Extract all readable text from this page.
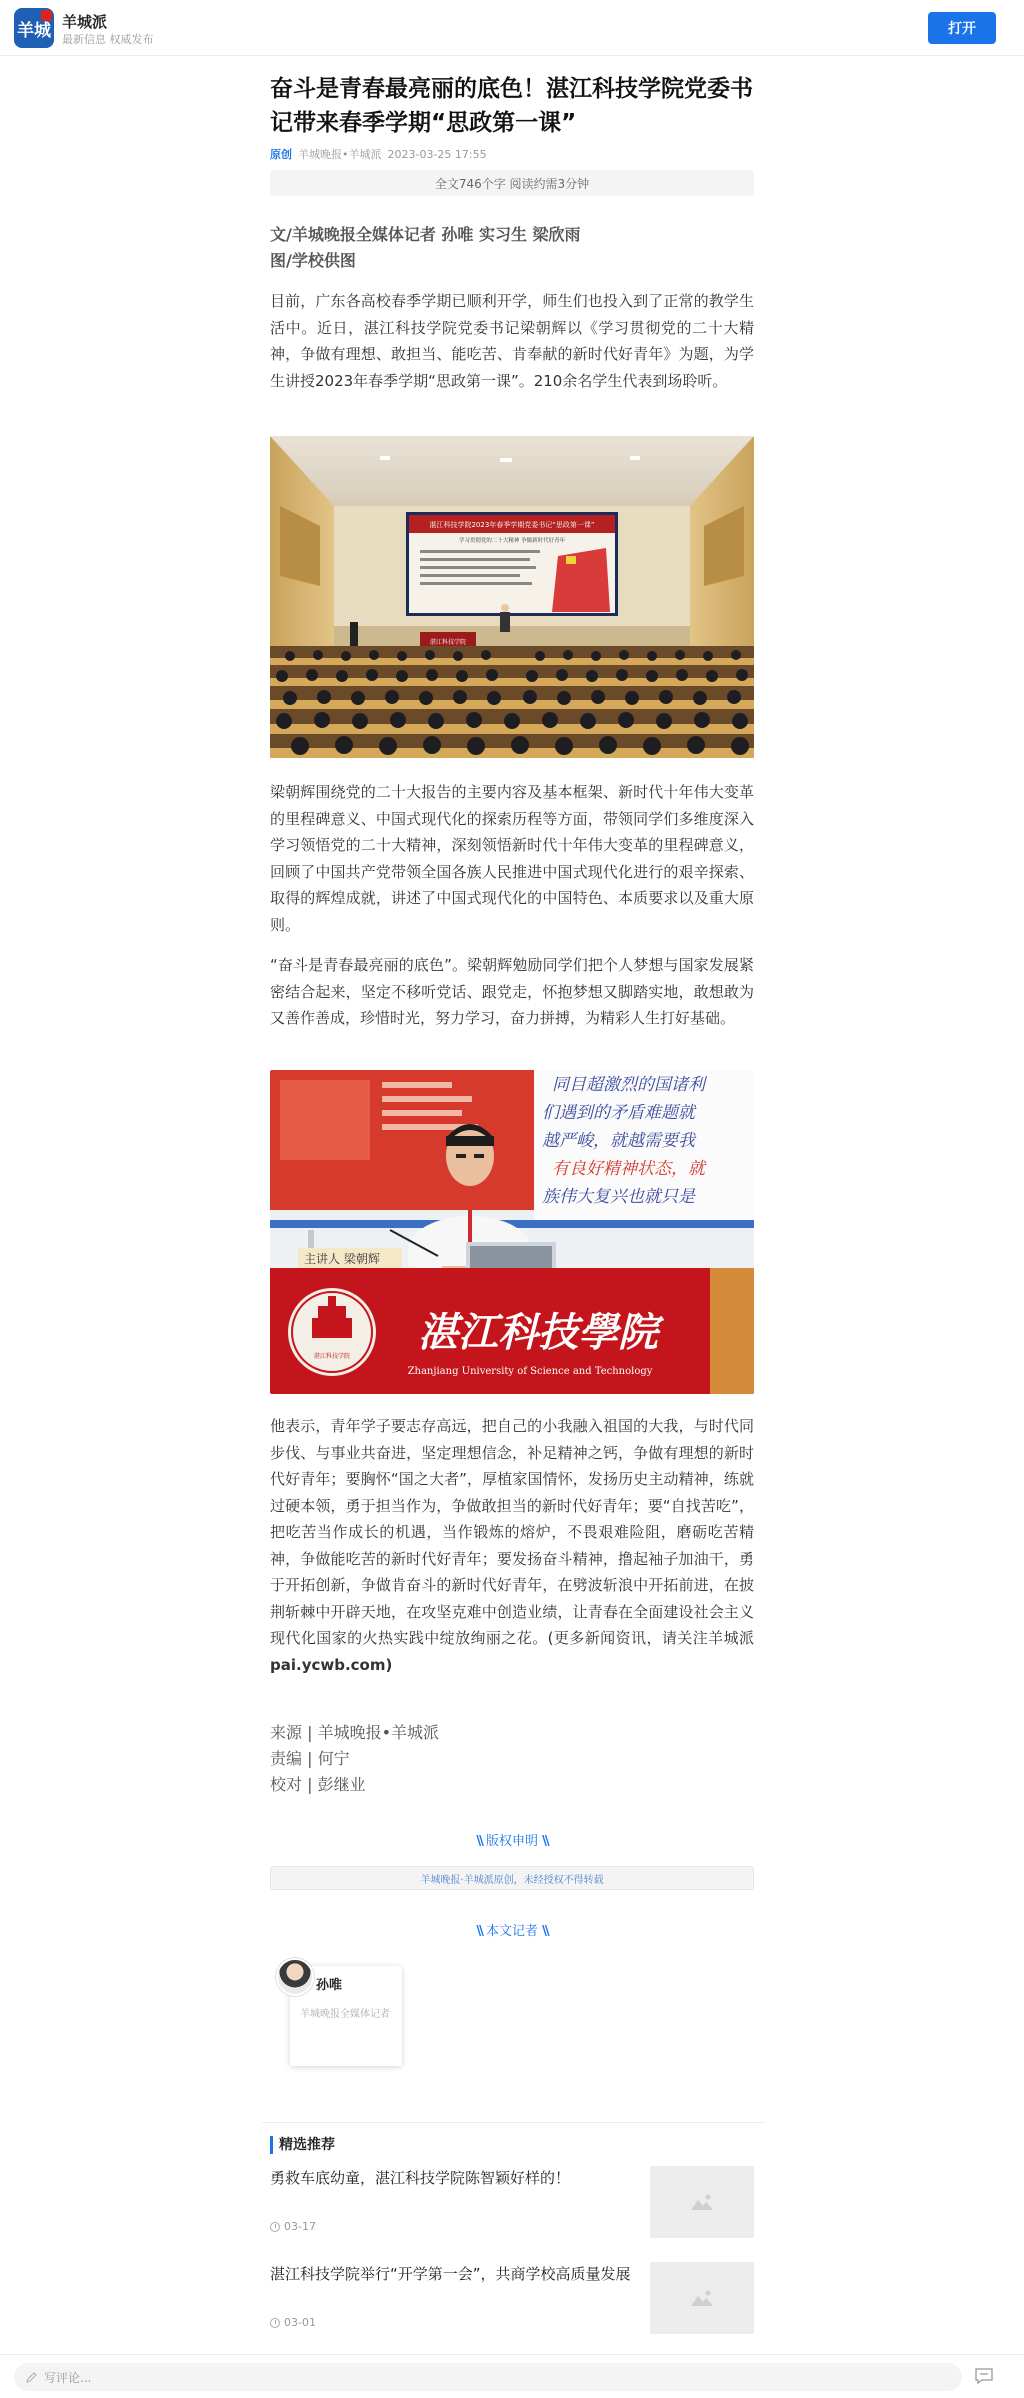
羊城 羊城派
最新信息 权威发布
打开
奋斗是青春最亮丽的底色！湛江科技学院党委书记带来春季学期“思政第一课”
原创 羊城晚报•羊城派 2023-03-25 17:55
全文746个字 阅读约需3分钟
文/羊城晚报全媒体记者 孙唯 实习生 梁欣雨
图/学校供图

目前，广东各高校春季学期已顺利开学，师生们也投入到了正常的教学生活中。近日，湛江科技学院党委书记梁朝辉以《学习贯彻党的二十大精神，争做有理想、敢担当、能吃苦、肯奉献的新时代好青年》为题，为学生讲授2023年春季学期“思政第一课”。210余名学生代表到场聆听。

湛江科技学院2023年春季学期党委书记“思政第一课”
学习贯彻党的二十大精神 争做新时代好青年
湛江科技学院

梁朝辉围绕党的二十大报告的主要内容及基本框架、新时代十年伟大变革的里程碑意义、中国式现代化的探索历程等方面，带领同学们多维度深入学习领悟党的二十大精神，深刻领悟新时代十年伟大变革的里程碑意义，回顾了中国共产党带领全国各族人民推进中国式现代化进行的艰辛探索、取得的辉煌成就，讲述了中国式现代化的中国特色、本质要求以及重大原则。

“奋斗是青春最亮丽的底色”。梁朝辉勉励同学们把个人梦想与国家发展紧密结合起来，坚定不移听党话、跟党走，怀抱梦想又脚踏实地，敢想敢为又善作善成，珍惜时光，努力学习，奋力拼搏，为精彩人生打好基础。

同目超激烈的国诸利
们遇到的矛盾难题就
越严峻，就越需要我
有良好精神状态，就
族伟大复兴也就只是
主讲人 梁朝辉
湛江科技学院
湛江科技學院
Zhanjiang University of Science and Technology

他表示，青年学子要志存高远，把自己的小我融入祖国的大我，与时代同步伐、与事业共奋进，坚定理想信念，补足精神之钙，争做有理想的新时代好青年；要胸怀“国之大者”，厚植家国情怀，发扬历史主动精神，练就过硬本领，勇于担当作为，争做敢担当的新时代好青年；要“自找苦吃”，把吃苦当作成长的机遇，当作锻炼的熔炉，不畏艰难险阻，磨砺吃苦精神，争做能吃苦的新时代好青年；要发扬奋斗精神，撸起袖子加油干，勇于开拓创新，争做肯奋斗的新时代好青年，在劈波斩浪中开拓前进，在披荆斩棘中开辟天地，在攻坚克难中创造业绩，让青春在全面建设社会主义现代化国家的火热实践中绽放绚丽之花。(更多新闻资讯，请关注羊城派pai.ycwb.com)

来源 | 羊城晚报•羊城派
责编 | 何宁
校对 | 彭继业
\\ 版权申明 \\
羊城晚报·羊城派原创，未经授权不得转载
\\ 本文记者 \\
孙唯
羊城晚报全媒体记者
精选推荐
勇救车底幼童，湛江科技学院陈智颖好样的！
03-17
湛江科技学院举行“开学第一会”，共商学校高质量发展
03-01
写评论...
